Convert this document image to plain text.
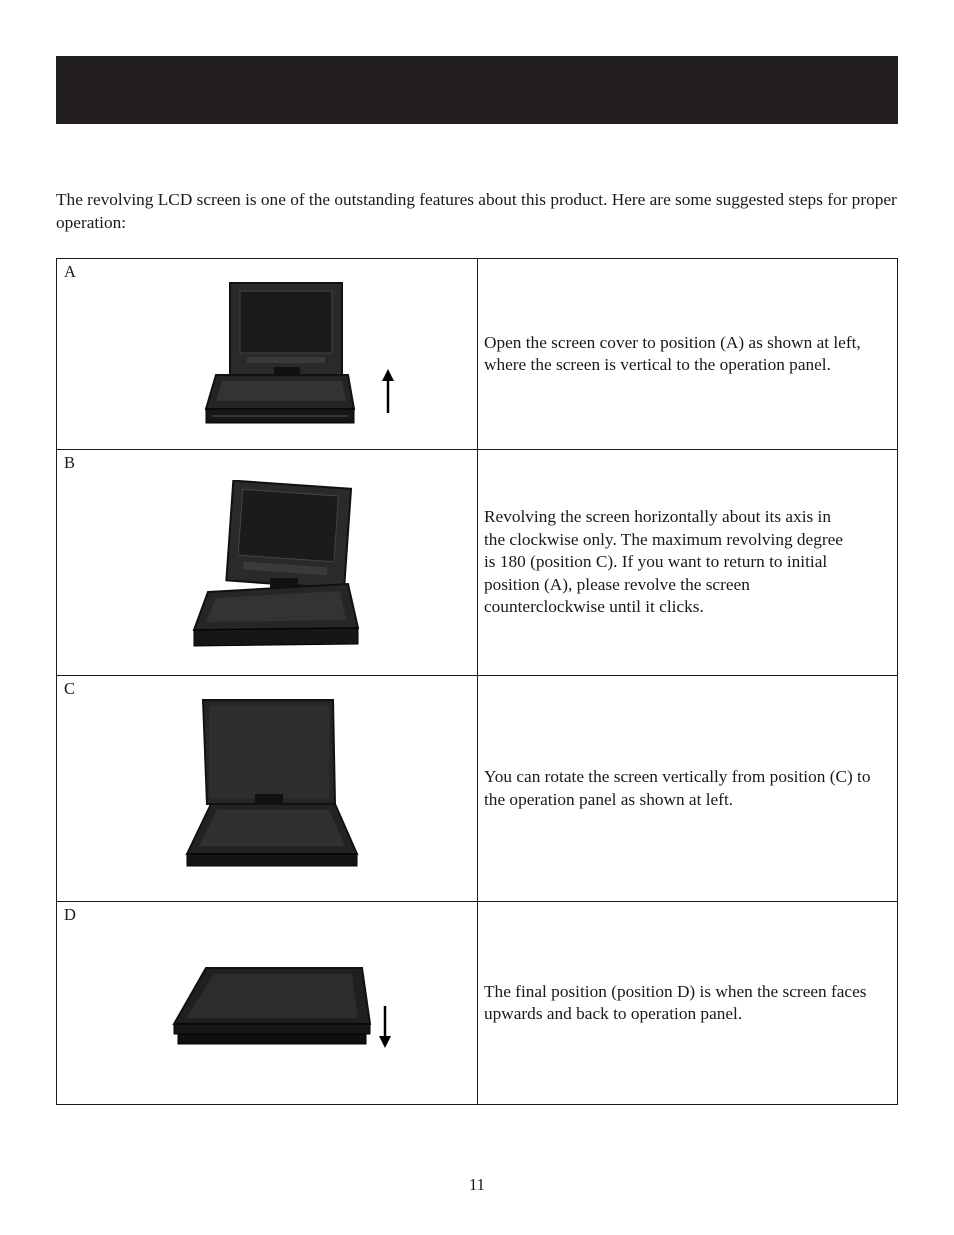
The revolving LCD screen is one of the outstanding features about this product. Here are some suggested steps for proper operation:

A	Open the screen cover to position (A) as shown at left, where the screen is vertical to the operation panel.

B	Revolving the screen horizontally about its axis in the clockwise only. The maximum revolving degree is 180 (position C). If you want to return to initial position (A), please revolve the screen counterclockwise until it clicks.

C	You can rotate the screen vertically from position (C) to the operation panel as shown at left.

D	The final position (position D) is when the screen faces upwards and back to operation panel.

11
